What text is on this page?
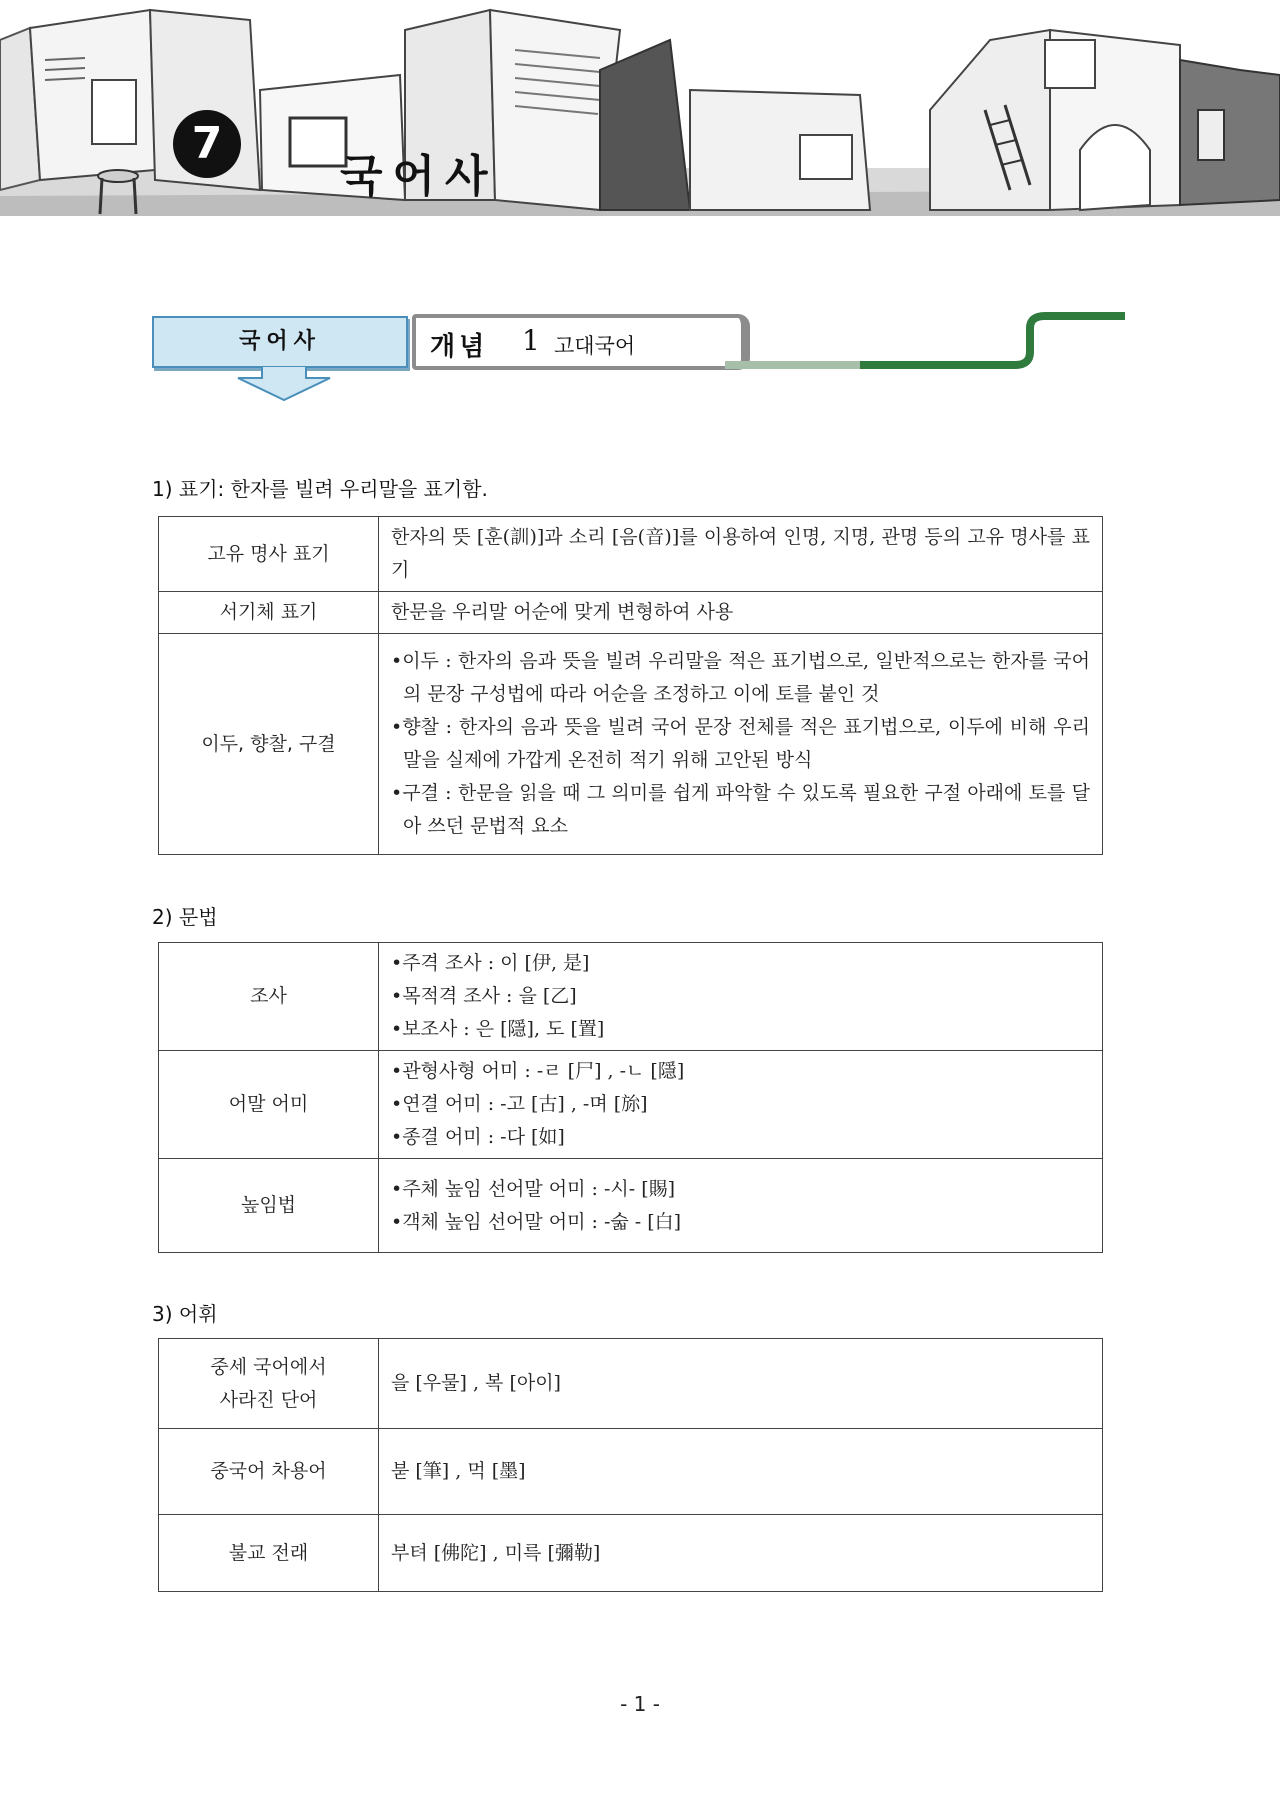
7
국어사
국어사	개념 1 고대국어
1) 표기: 한자를 빌려 우리말을 표기함.
고유 명사 표기	한자의 뜻 [훈(訓)]과 소리 [음(音)]를 이용하여 인명, 지명, 관명 등의 고유 명사를 표기
서기체 표기	한문을 우리말 어순에 맞게 변형하여 사용
이두, 향찰, 구결	•이두 : 한자의 음과 뜻을 빌려 우리말을 적은 표기법으로, 일반적으로는 한자를 국어의 문장 구성법에 따라 어순을 조정하고 이에 토를 붙인 것
•향찰 : 한자의 음과 뜻을 빌려 국어 문장 전체를 적은 표기법으로, 이두에 비해 우리말을 실제에 가깝게 온전히 적기 위해 고안된 방식
•구결 : 한문을 읽을 때 그 의미를 쉽게 파악할 수 있도록 필요한 구절 아래에 토를 달아 쓰던 문법적 요소
2) 문법
조사	•주격 조사 : 이 [伊, 是]
•목적격 조사 : 을 [乙]
•보조사 : 은 [隱], 도 [置]

어말 어미	•관형사형 어미 : -ㄹ [尸] , -ㄴ [隱]
•연결 어미 : -고 [古] , -며 [旀]
•종결 어미 : -다 [如]

높임법	•주체 높임 선어말 어미 : -시- [賜]
•객체 높임 선어말 어미 : -숣 - [白]
3) 어휘
중세 국어에서
사라진 단어	을 [우물] , 복 [아이]
중국어 차용어	붇 [筆] , 먹 [墨]
불교 전래	부텨 [佛陀] , 미륵 [彌勒]
- 1 -
